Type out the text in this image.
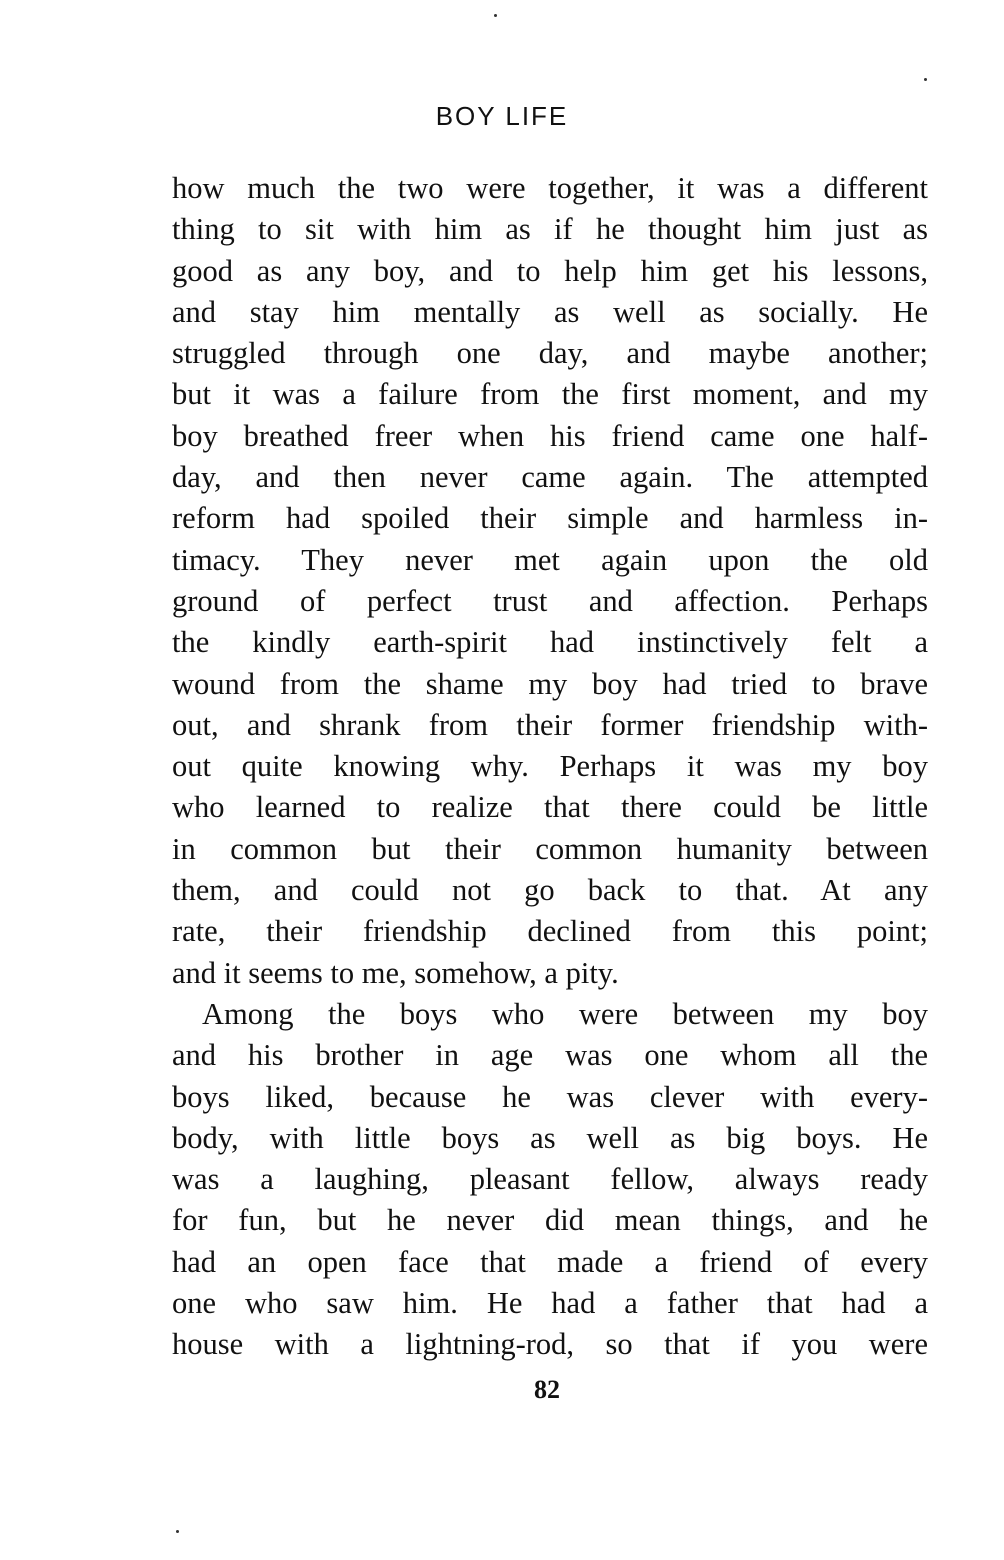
BOY LIFE
how much the two were together, it was a different
thing to sit with him as if he thought him just as
good as any boy, and to help him get his lessons,
and stay him mentally as well as socially. He
struggled through one day, and maybe another;
but it was a failure from the first moment, and my
boy breathed freer when his friend came one half-
day, and then never came again. The attempted
reform had spoiled their simple and harmless in-
timacy. They never met again upon the old
ground of perfect trust and affection. Perhaps
the kindly earth-spirit had instinctively felt a
wound from the shame my boy had tried to brave
out, and shrank from their former friendship with-
out quite knowing why. Perhaps it was my boy
who learned to realize that there could be little
in common but their common humanity between
them, and could not go back to that. At any
rate, their friendship declined from this point;
and it seems to me, somehow, a pity.
Among the boys who were between my boy
and his brother in age was one whom all the
boys liked, because he was clever with every-
body, with little boys as well as big boys. He
was a laughing, pleasant fellow, always ready
for fun, but he never did mean things, and he
had an open face that made a friend of every
one who saw him. He had a father that had a
house with a lightning-rod, so that if you were
82
